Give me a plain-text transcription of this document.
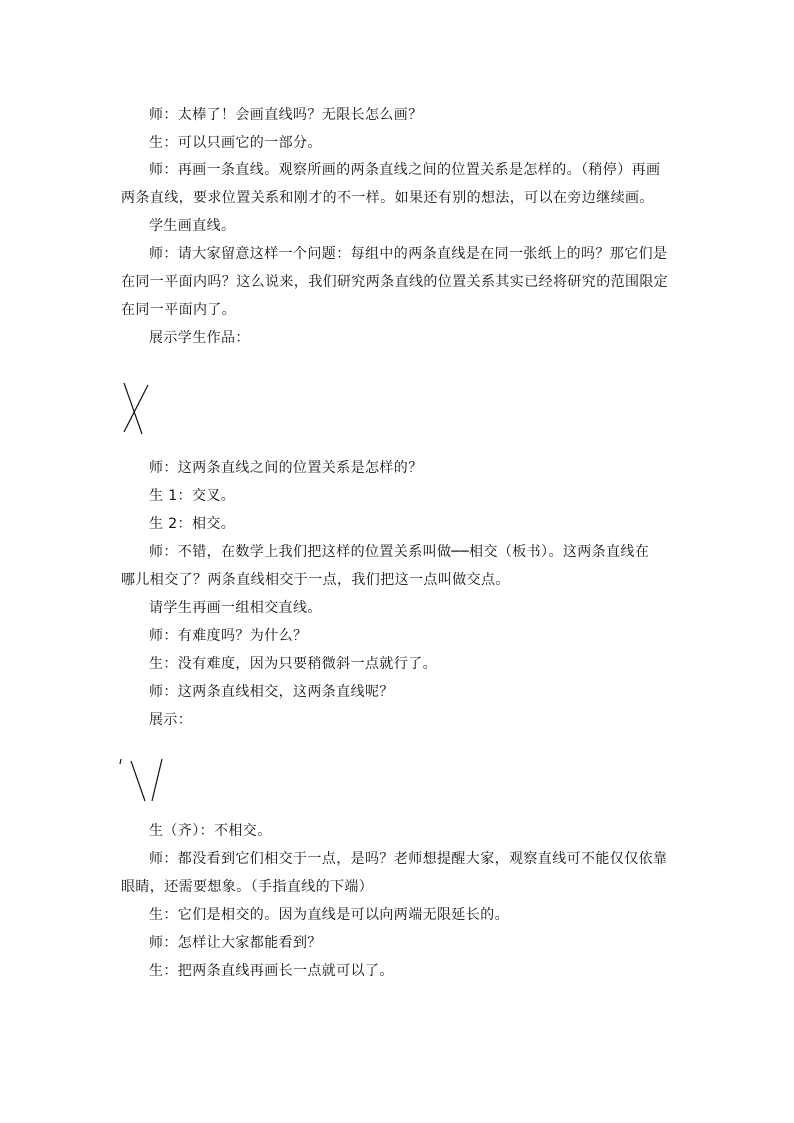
师：太棒了！会画直线吗？无限长怎么画？
生：可以只画它的一部分。
师：再画一条直线。观察所画的两条直线之间的位置关系是怎样的。（稍停）再画
两条直线，要求位置关系和刚才的不一样。如果还有别的想法，可以在旁边继续画。
学生画直线。
师：请大家留意这样一个问题：每组中的两条直线是在同一张纸上的吗？那它们是
在同一平面内吗？这么说来，我们研究两条直线的位置关系其实已经将研究的范围限定
在同一平面内了。
展示学生作品：
师：这两条直线之间的位置关系是怎样的？
生 1：交叉。
生 2：相交。
师：不错，在数学上我们把这样的位置关系叫做──相交（板书）。这两条直线在
哪儿相交了？两条直线相交于一点，我们把这一点叫做交点。
请学生再画一组相交直线。
师：有难度吗？为什么？
生：没有难度，因为只要稍微斜一点就行了。
师：这两条直线相交，这两条直线呢？
展示：
生（齐）：不相交。
师：都没看到它们相交于一点，是吗？老师想提醒大家，观察直线可不能仅仅依靠
眼睛，还需要想象。（手指直线的下端）
生：它们是相交的。因为直线是可以向两端无限延长的。
师：怎样让大家都能看到？
生：把两条直线再画长一点就可以了。
